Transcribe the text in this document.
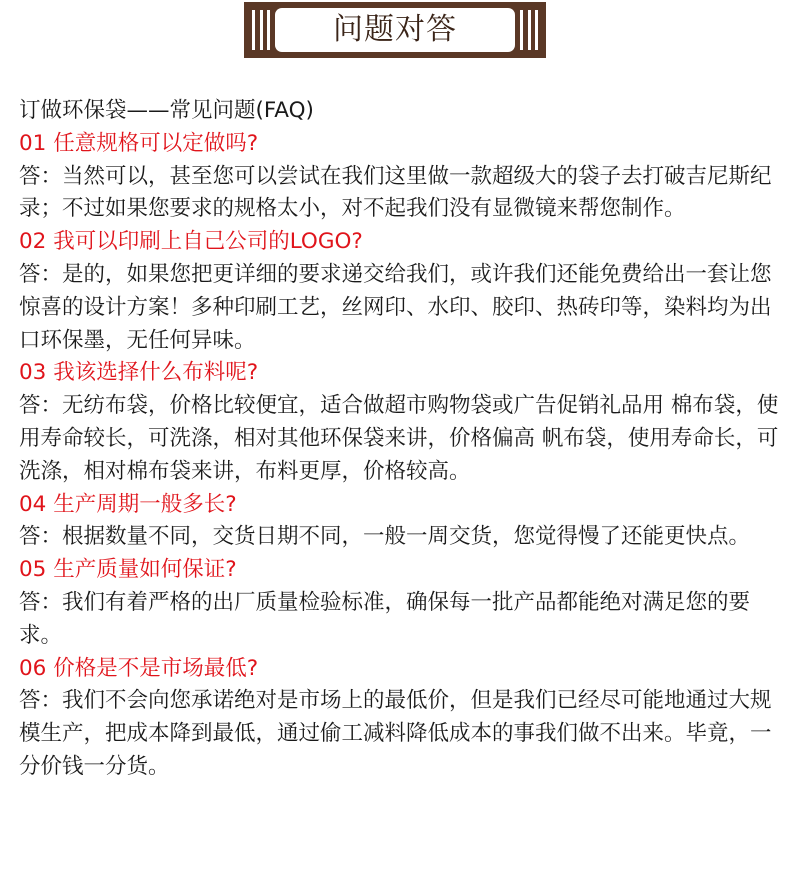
问题对答

订做环保袋——常见问题(FAQ)

01 任意规格可以定做吗?

答：当然可以，甚至您可以尝试在我们这里做一款超级大的袋子去打破吉尼斯纪录；不过如果您要求的规格太小，对不起我们没有显微镜来帮您制作。

02 我可以印刷上自己公司的LOGO?

答：是的，如果您把更详细的要求递交给我们，或许我们还能免费给出一套让您惊喜的设计方案！多种印刷工艺，丝网印、水印、胶印、热砖印等，染料均为出口环保墨，无任何异味。

03 我该选择什么布料呢?

答：无纺布袋，价格比较便宜，适合做超市购物袋或广告促销礼品用 棉布袋，使用寿命较长，可洗涤，相对其他环保袋来讲，价格偏高 帆布袋，使用寿命长，可洗涤，相对棉布袋来讲，布料更厚，价格较高。

04 生产周期一般多长?

答：根据数量不同，交货日期不同，一般一周交货，您觉得慢了还能更快点。

05 生产质量如何保证?

答：我们有着严格的出厂质量检验标准，确保每一批产品都能绝对满足您的要求。

06 价格是不是市场最低?

答：我们不会向您承诺绝对是市场上的最低价，但是我们已经尽可能地通过大规模生产，把成本降到最低，通过偷工减料降低成本的事我们做不出来。毕竟，一分价钱一分货。
